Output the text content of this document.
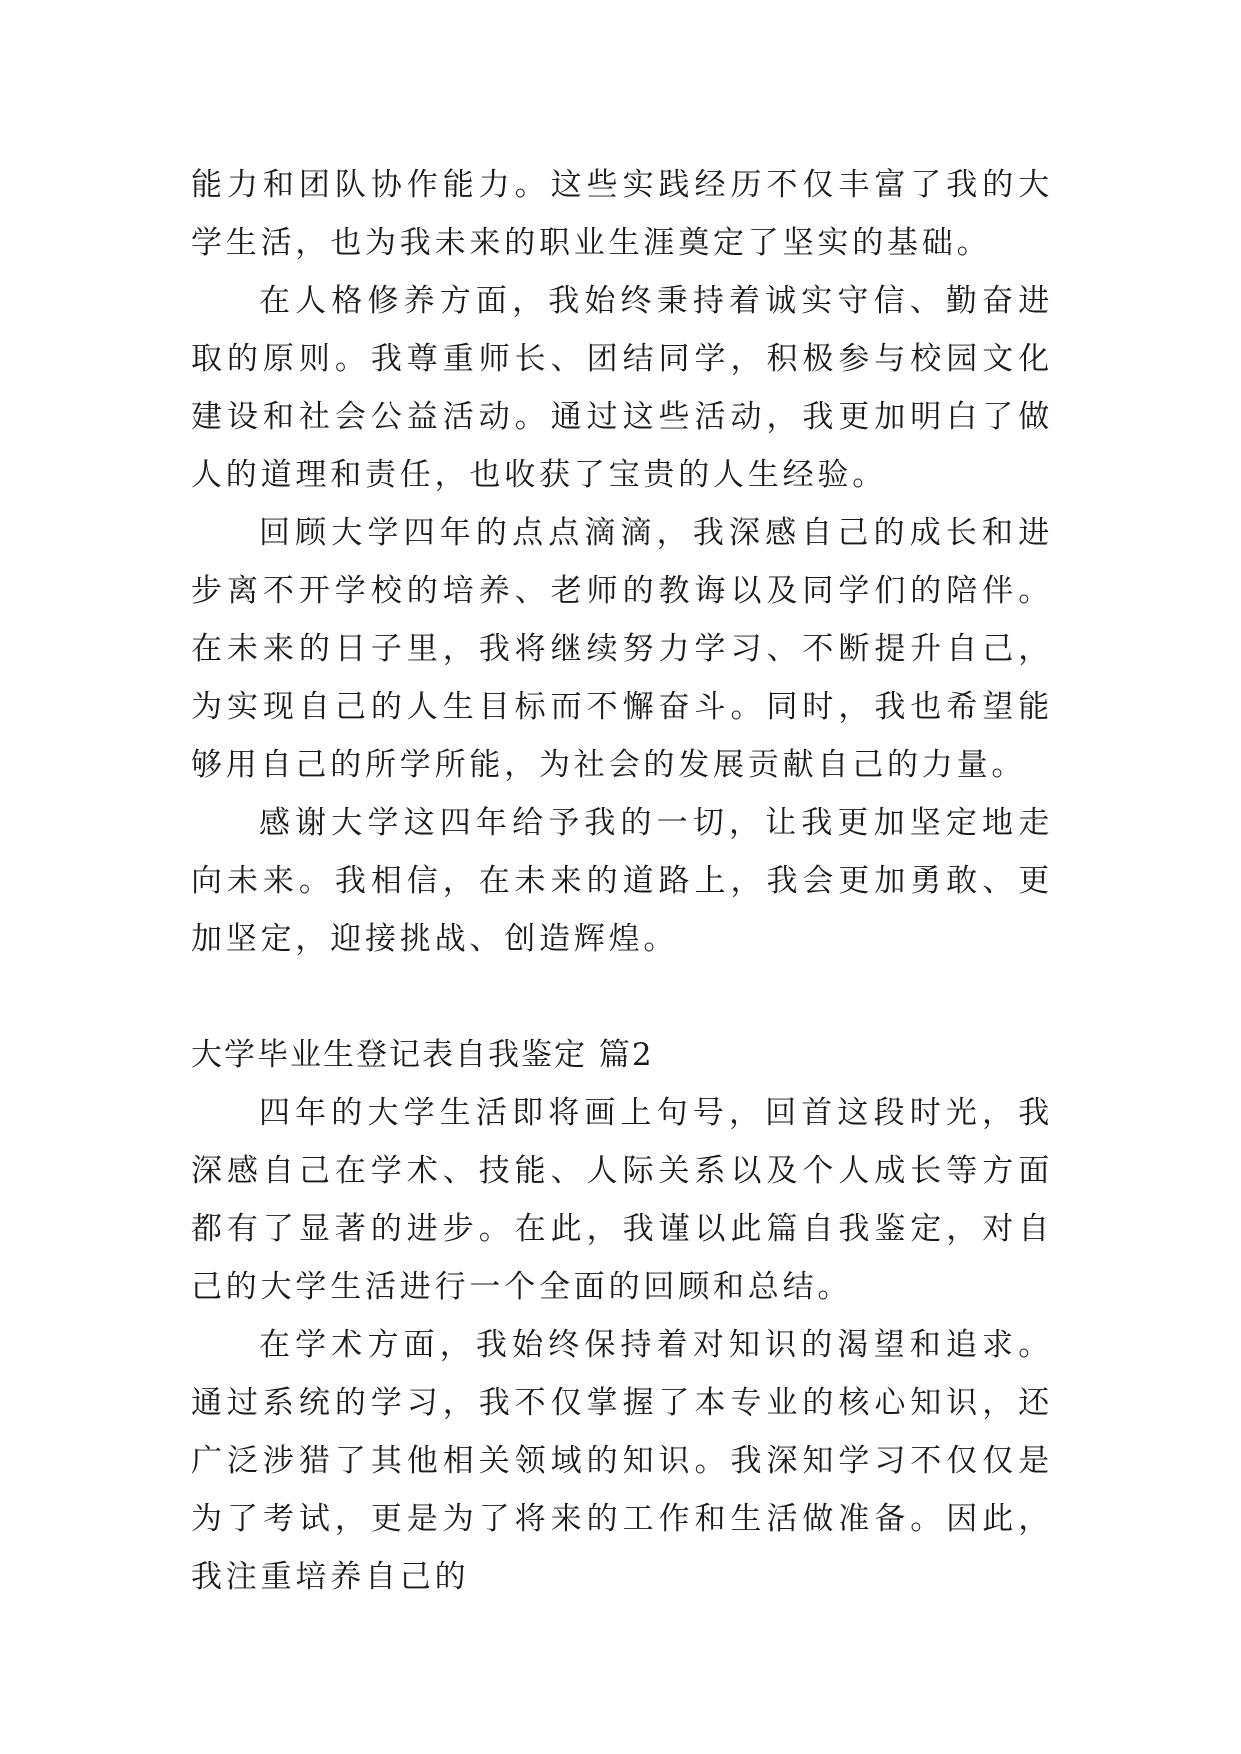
能力和团队协作能力。这些实践经历不仅丰富了我的大学生活，也为我未来的职业生涯奠定了坚实的基础。

在人格修养方面，我始终秉持着诚实守信、勤奋进取的原则。我尊重师长、团结同学，积极参与校园文化建设和社会公益活动。通过这些活动，我更加明白了做人的道理和责任，也收获了宝贵的人生经验。

回顾大学四年的点点滴滴，我深感自己的成长和进步离不开学校的培养、老师的教诲以及同学们的陪伴。在未来的日子里，我将继续努力学习、不断提升自己，为实现自己的人生目标而不懈奋斗。同时，我也希望能够用自己的所学所能，为社会的发展贡献自己的力量。

感谢大学这四年给予我的一切，让我更加坚定地走向未来。我相信，在未来的道路上，我会更加勇敢、更加坚定，迎接挑战、创造辉煌。

大学毕业生登记表自我鉴定 篇2

四年的大学生活即将画上句号，回首这段时光，我深感自己在学术、技能、人际关系以及个人成长等方面都有了显著的进步。在此，我谨以此篇自我鉴定，对自己的大学生活进行一个全面的回顾和总结。

在学术方面，我始终保持着对知识的渴望和追求。通过系统的学习，我不仅掌握了本专业的核心知识，还广泛涉猎了其他相关领域的知识。我深知学习不仅仅是为了考试，更是为了将来的工作和生活做准备。因此，我注重培养自己的
